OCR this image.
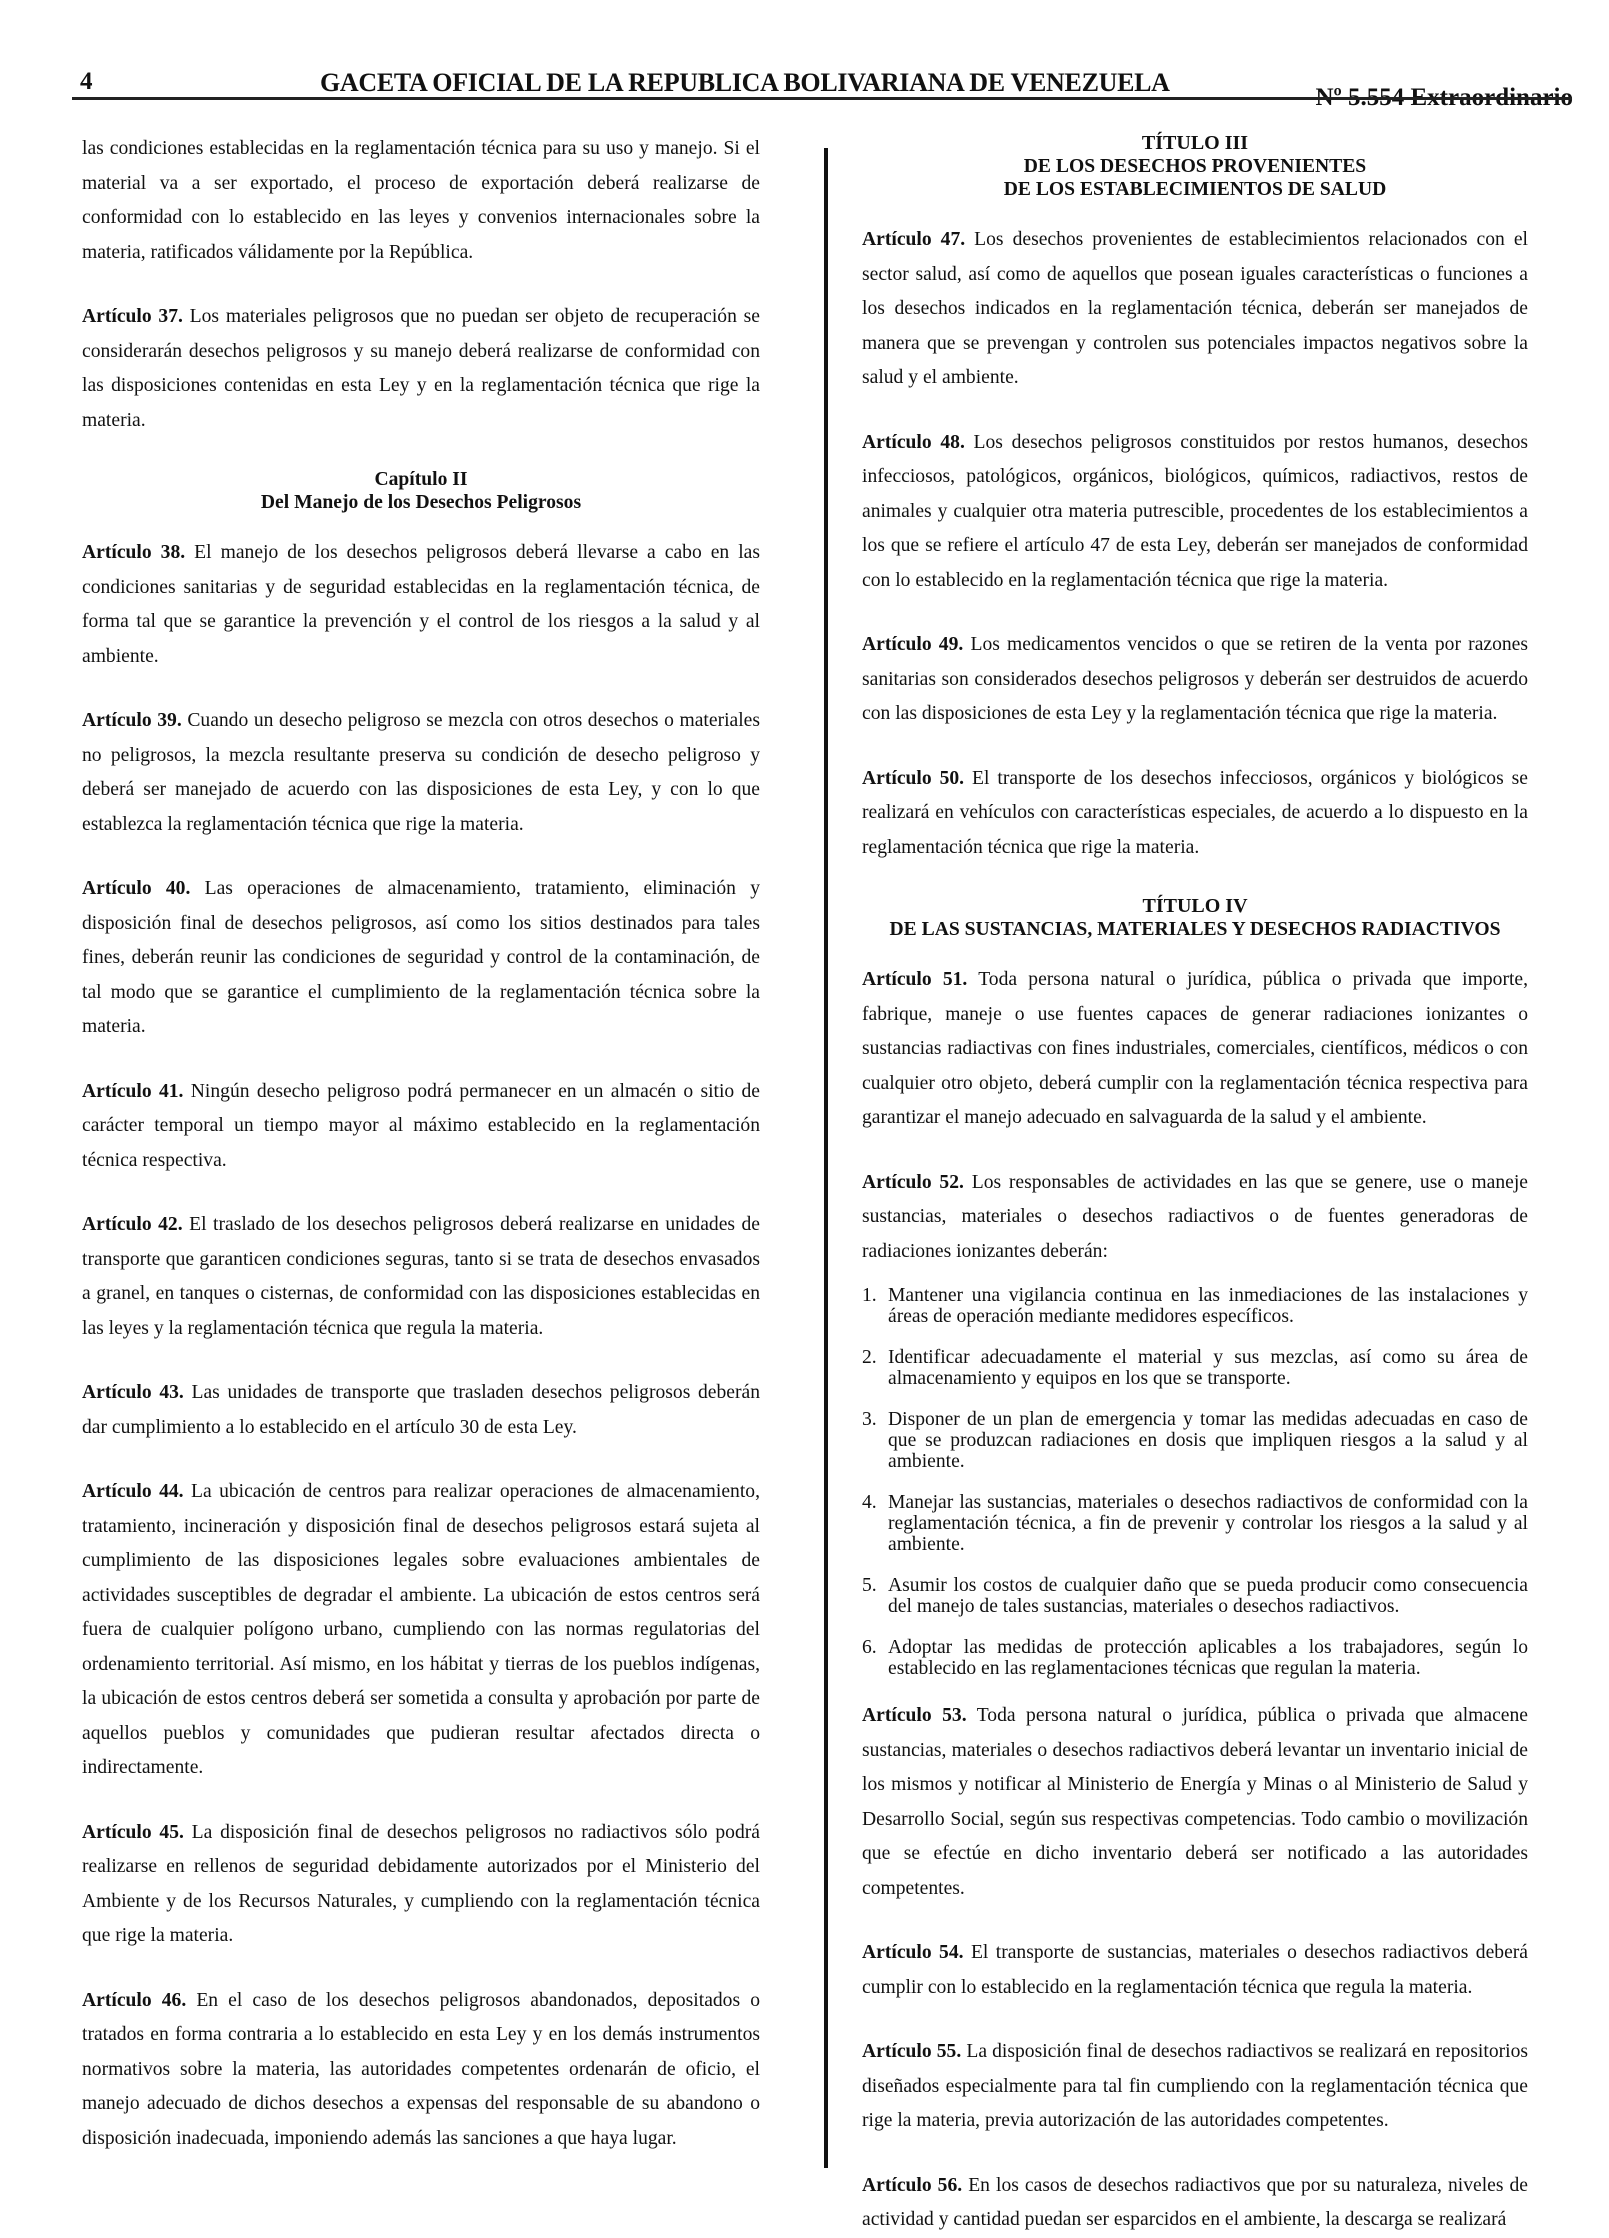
4	GACETA OFICIAL DE LA REPUBLICA BOLIVARIANA DE VENEZUELA
Nº 5.554 Extraordinario

las condiciones establecidas en la reglamentación técnica para su uso y manejo. Si el material va a ser exportado, el proceso de exportación deberá realizarse de conformidad con lo establecido en las leyes y convenios internacionales sobre la materia, ratificados válidamente por la República.

Artículo 37. Los materiales peligrosos que no puedan ser objeto de recuperación se considerarán desechos peligrosos y su manejo deberá realizarse de conformidad con las disposiciones contenidas en esta Ley y en la reglamentación técnica que rige la materia.

Capítulo II
Del Manejo de los Desechos Peligrosos

Artículo 38. El manejo de los desechos peligrosos deberá llevarse a cabo en las condiciones sanitarias y de seguridad establecidas en la reglamentación técnica, de forma tal que se garantice la prevención y el control de los riesgos a la salud y al ambiente.

Artículo 39. Cuando un desecho peligroso se mezcla con otros desechos o materiales no peligrosos, la mezcla resultante preserva su condición de desecho peligroso y deberá ser manejado de acuerdo con las disposiciones de esta Ley, y con lo que establezca la reglamentación técnica que rige la materia.

Artículo 40. Las operaciones de almacenamiento, tratamiento, eliminación y disposición final de desechos peligrosos, así como los sitios destinados para tales fines, deberán reunir las condiciones de seguridad y control de la contaminación, de tal modo que se garantice el cumplimiento de la reglamentación técnica sobre la materia.

Artículo 41. Ningún desecho peligroso podrá permanecer en un almacén o sitio de carácter temporal un tiempo mayor al máximo establecido en la reglamentación técnica respectiva.

Artículo 42. El traslado de los desechos peligrosos deberá realizarse en unidades de transporte que garanticen condiciones seguras, tanto si se trata de desechos envasados a granel, en tanques o cisternas, de conformidad con las disposiciones establecidas en las leyes y la reglamentación técnica que regula la materia.

Artículo 43. Las unidades de transporte que trasladen desechos peligrosos deberán dar cumplimiento a lo establecido en el artículo 30 de esta Ley.

Artículo 44. La ubicación de centros para realizar operaciones de almacenamiento, tratamiento, incineración y disposición final de desechos peligrosos estará sujeta al cumplimiento de las disposiciones legales sobre evaluaciones ambientales de actividades susceptibles de degradar el ambiente. La ubicación de estos centros será fuera de cualquier polígono urbano, cumpliendo con las normas regulatorias del ordenamiento territorial. Así mismo, en los hábitat y tierras de los pueblos indígenas, la ubicación de estos centros deberá ser sometida a consulta y aprobación por parte de aquellos pueblos y comunidades que pudieran resultar afectados directa o indirectamente.

Artículo 45. La disposición final de desechos peligrosos no radiactivos sólo podrá realizarse en rellenos de seguridad debidamente autorizados por el Ministerio del Ambiente y de los Recursos Naturales, y cumpliendo con la reglamentación técnica que rige la materia.

Artículo 46. En el caso de los desechos peligrosos abandonados, depositados o tratados en forma contraria a lo establecido en esta Ley y en los demás instrumentos normativos sobre la materia, las autoridades competentes ordenarán de oficio, el manejo adecuado de dichos desechos a expensas del responsable de su abandono o disposición inadecuada, imponiendo además las sanciones a que haya lugar.

TÍTULO III
DE LOS DESECHOS PROVENIENTES
DE LOS ESTABLECIMIENTOS DE SALUD

Artículo 47. Los desechos provenientes de establecimientos relacionados con el sector salud, así como de aquellos que posean iguales características o funciones a los desechos indicados en la reglamentación técnica, deberán ser manejados de manera que se prevengan y controlen sus potenciales impactos negativos sobre la salud y el ambiente.

Artículo 48. Los desechos peligrosos constituidos por restos humanos, desechos infecciosos, patológicos, orgánicos, biológicos, químicos, radiactivos, restos de animales y cualquier otra materia putrescible, procedentes de los establecimientos a los que se refiere el artículo 47 de esta Ley, deberán ser manejados de conformidad con lo establecido en la reglamentación técnica que rige la materia.

Artículo 49. Los medicamentos vencidos o que se retiren de la venta por razones sanitarias son considerados desechos peligrosos y deberán ser destruidos de acuerdo con las disposiciones de esta Ley y la reglamentación técnica que rige la materia.

Artículo 50. El transporte de los desechos infecciosos, orgánicos y biológicos se realizará en vehículos con características especiales, de acuerdo a lo dispuesto en la reglamentación técnica que rige la materia.

TÍTULO IV
DE LAS SUSTANCIAS, MATERIALES Y DESECHOS RADIACTIVOS

Artículo 51. Toda persona natural o jurídica, pública o privada que importe, fabrique, maneje o use fuentes capaces de generar radiaciones ionizantes o sustancias radiactivas con fines industriales, comerciales, científicos, médicos o con cualquier otro objeto, deberá cumplir con la reglamentación técnica respectiva para garantizar el manejo adecuado en salvaguarda de la salud y el ambiente.

Artículo 52. Los responsables de actividades en las que se genere, use o maneje sustancias, materiales o desechos radiactivos o de fuentes generadoras de radiaciones ionizantes deberán:

1. Mantener una vigilancia continua en las inmediaciones de las instalaciones y áreas de operación mediante medidores específicos.
2. Identificar adecuadamente el material y sus mezclas, así como su área de almacenamiento y equipos en los que se transporte.
3. Disponer de un plan de emergencia y tomar las medidas adecuadas en caso de que se produzcan radiaciones en dosis que impliquen riesgos a la salud y al ambiente.
4. Manejar las sustancias, materiales o desechos radiactivos de conformidad con la reglamentación técnica, a fin de prevenir y controlar los riesgos a la salud y al ambiente.
5. Asumir los costos de cualquier daño que se pueda producir como consecuencia del manejo de tales sustancias, materiales o desechos radiactivos.
6. Adoptar las medidas de protección aplicables a los trabajadores, según lo establecido en las reglamentaciones técnicas que regulan la materia.

Artículo 53. Toda persona natural o jurídica, pública o privada que almacene sustancias, materiales o desechos radiactivos deberá levantar un inventario inicial de los mismos y notificar al Ministerio de Energía y Minas o al Ministerio de Salud y Desarrollo Social, según sus respectivas competencias. Todo cambio o movilización que se efectúe en dicho inventario deberá ser notificado a las autoridades competentes.

Artículo 54. El transporte de sustancias, materiales o desechos radiactivos deberá cumplir con lo establecido en la reglamentación técnica que regula la materia.

Artículo 55. La disposición final de desechos radiactivos se realizará en repositorios diseñados especialmente para tal fin cumpliendo con la reglamentación técnica que rige la materia, previa autorización de las autoridades competentes.

Artículo 56. En los casos de desechos radiactivos que por su naturaleza, niveles de actividad y cantidad puedan ser esparcidos en el ambiente, la descarga se realizará
